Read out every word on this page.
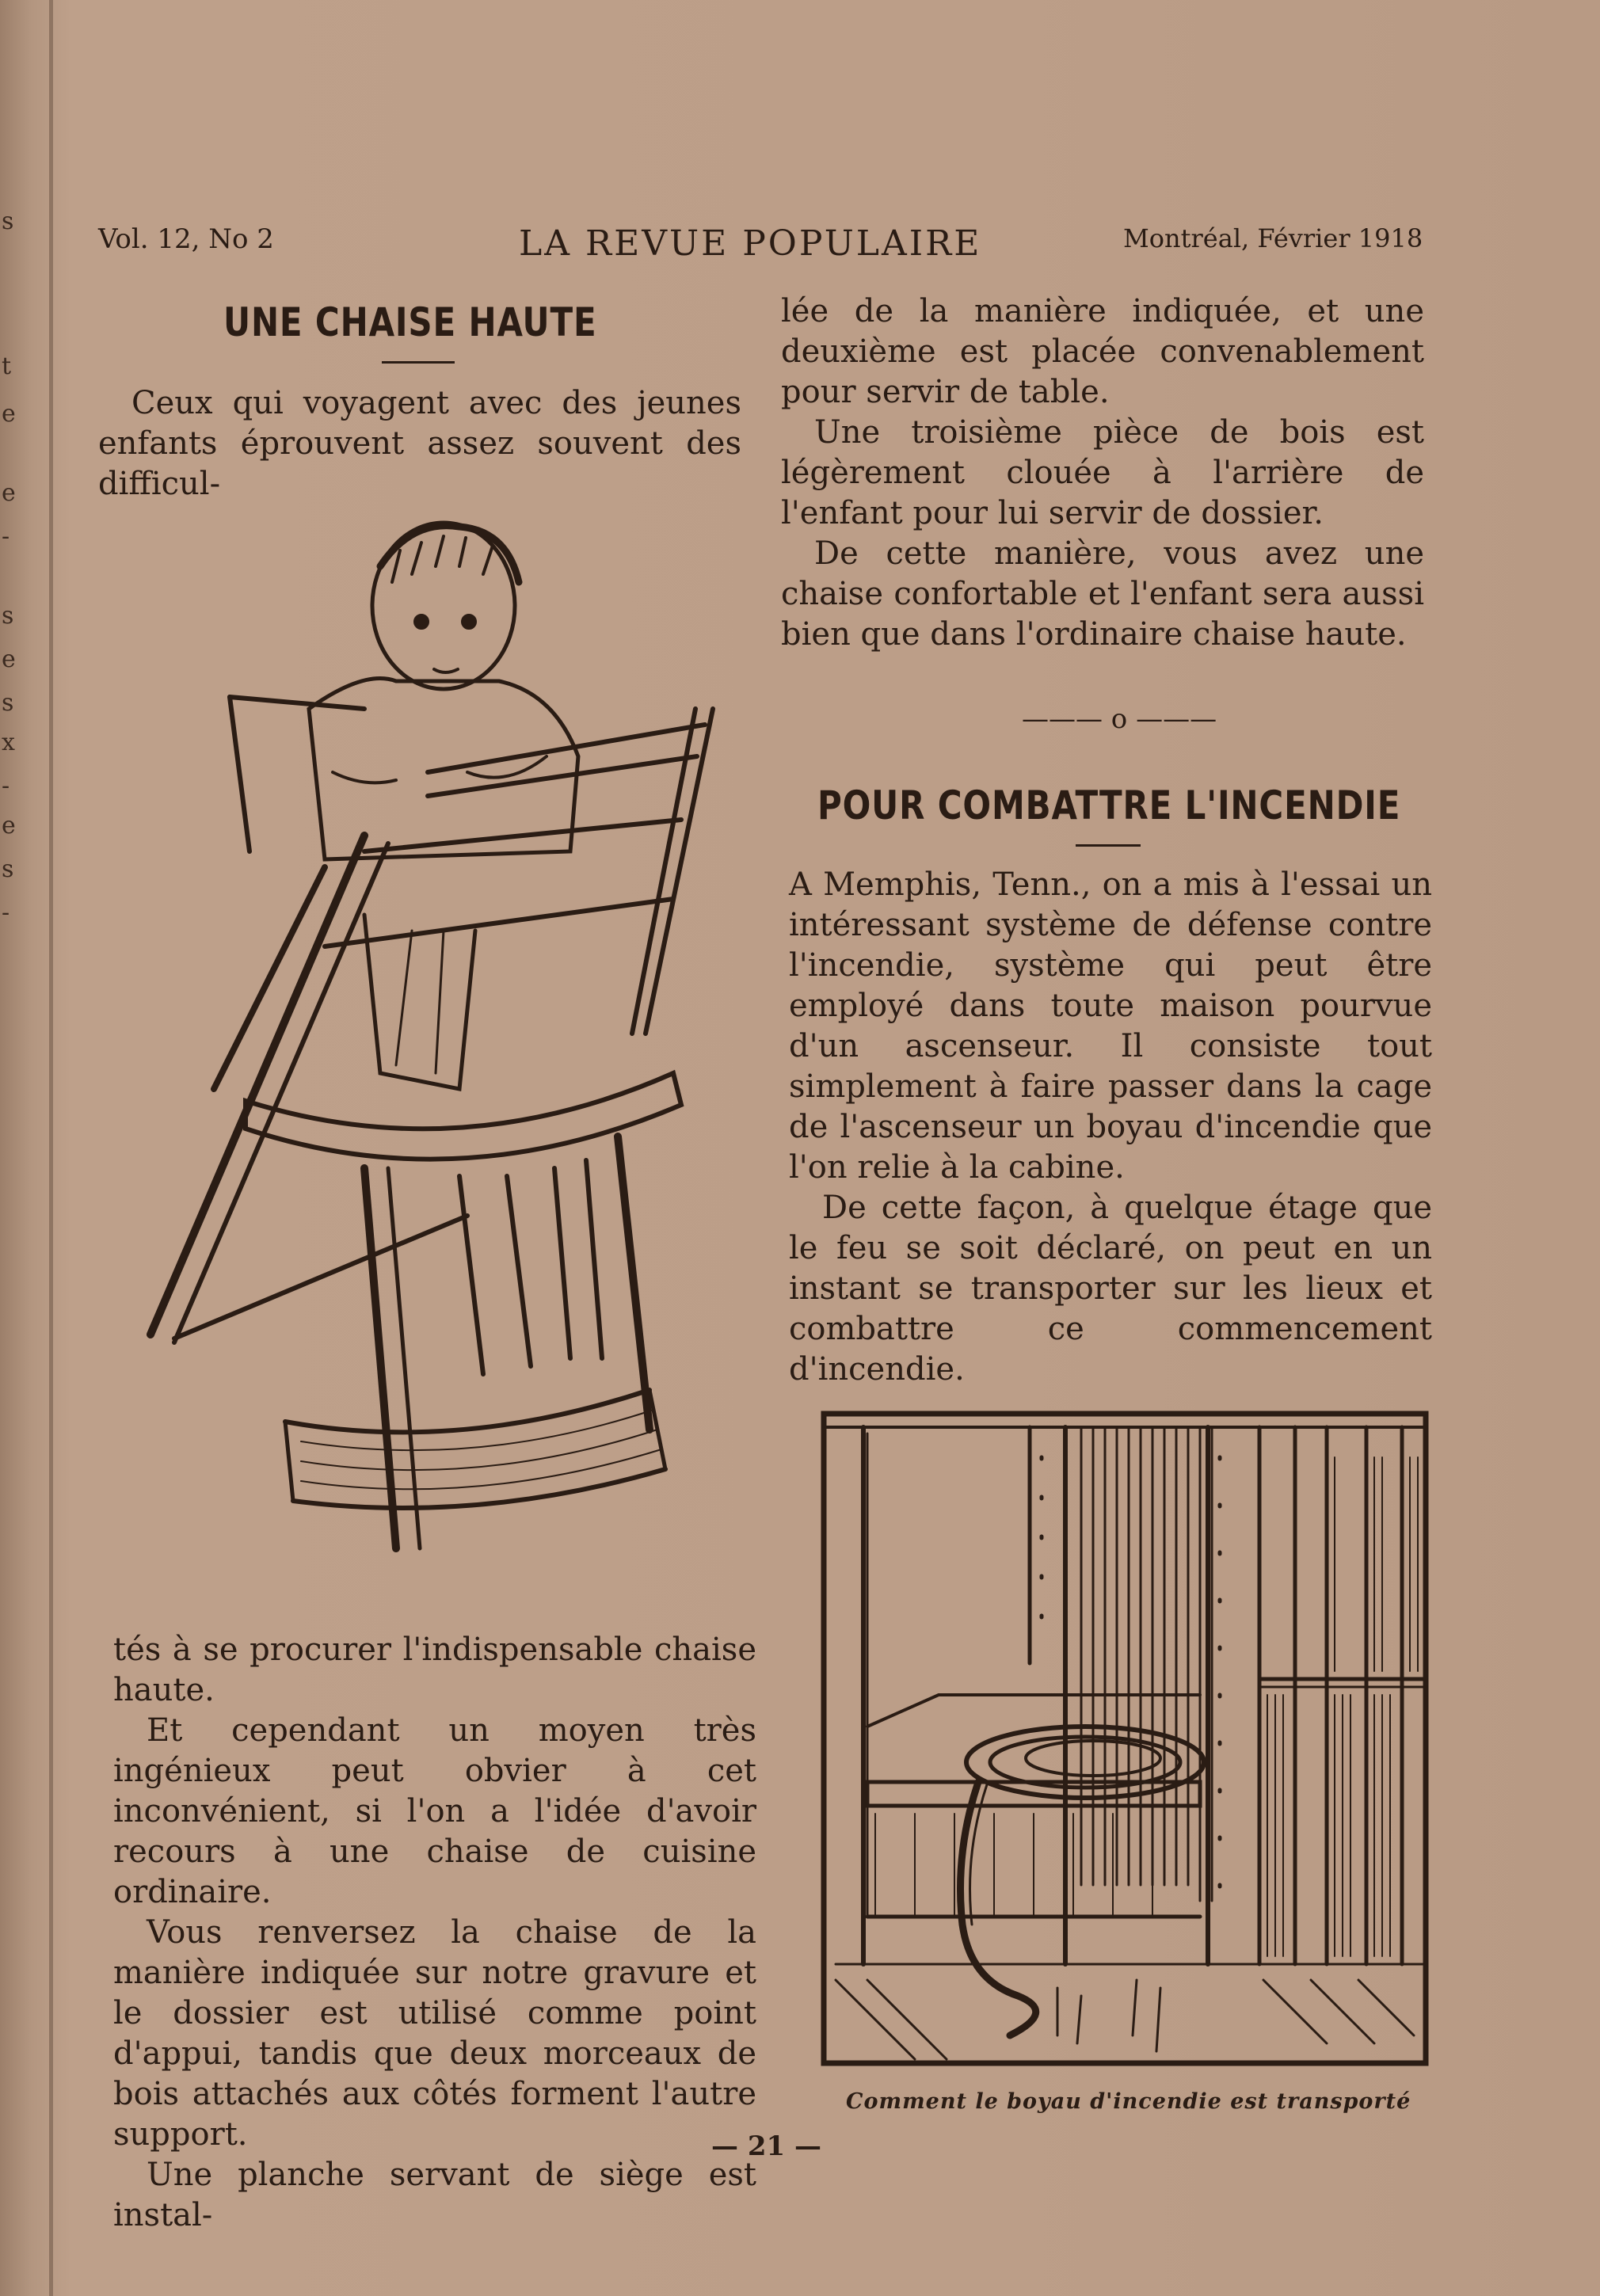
s
t
e
e
-
s
e
s
x
-
e
s
-
Vol. 12, No 2	LA REVUE POPULAIRE	Montréal, Février 1918
UNE CHAISE HAUTE

Ceux qui voyagent avec des jeunes enfants éprouvent assez souvent des difficul-

tés à se procurer l'indispensable chaise haute.

Et cependant un moyen très ingénieux peut obvier à cet inconvénient, si l'on a l'idée d'avoir recours à une chaise de cuisine ordinaire.

Vous renversez la chaise de la manière indiquée sur notre gravure et le dossier est utilisé comme point d'appui, tandis que deux morceaux de bois attachés aux côtés forment l'autre support.

Une planche servant de siège est instal-

lée de la manière indiquée, et une deuxième est placée convenablement pour servir de table.

Une troisième pièce de bois est légèrement clouée à l'arrière de l'enfant pour lui servir de dossier.

De cette manière, vous avez une chaise confortable et l'enfant sera aussi bien que dans l'ordinaire chaise haute.

——— o ———
POUR COMBATTRE L'INCENDIE

A Memphis, Tenn., on a mis à l'essai un intéressant système de défense contre l'incendie, système qui peut être employé dans toute maison pourvue d'un ascenseur. Il consiste tout simplement à faire passer dans la cage de l'ascenseur un boyau d'incendie que l'on relie à la cabine.

De cette façon, à quelque étage que le feu se soit déclaré, on peut en un instant se transporter sur les lieux et combattre ce commencement d'incendie.

Comment le boyau d'incendie est transporté
— 21 —
